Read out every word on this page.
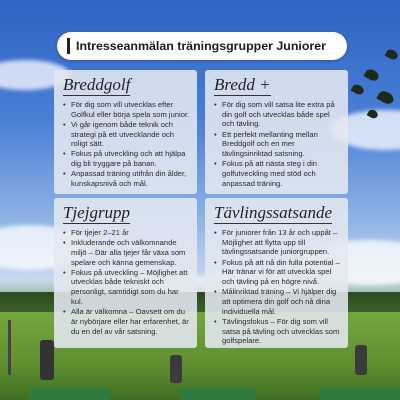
Intresseanmälan träningsgrupper Juniorer
Breddgolf
• För dig som vill utvecklas efter Golfkul eller börja spela som junior.
• Vi går igenom både teknik och strategi på ett utvecklande och roligt sätt.
• Fokus på utveckling och att hjälpa dig bli tryggare på banan.
• Anpassad träning utifrån din ålder, kunskapsnivå och mål.
Bredd +
• För dig som vill satsa lite extra på din golf och utvecklas både spel och tävling.
• Ett perfekt mellanting mellan Breddgolf och en mer tävlingsinriktad satsning.
• Fokus på att nästa steg i din golfutveckling med stöd och anpassad träning.
Tjejgrupp
• För tjejer 2–21 år
• Inkluderande och välkomnande miljö – Där alla tjejer får växa som spelare och känna gemenskap.
• Fokus på utveckling – Möjlighet att utvecklas både tekniskt och personligt, samtidigt som du har kul.
• Alla är välkomna – Oavsett om du är nybörjare eller har erfarenhet, är du en del av vår satsning.
Tävlingssatsande
• För juniorer från 13 år och uppåt – Möjlighet att flytta upp till tävlingssatsande juniorgruppen.
• Fokus på att nå din fulla potential – Här tränar vi för att utveckla spel och tävling på en högre nivå.
• Målinriktad träning – Vi hjälper dig att optimera din golf och nå dina individuella mål.
• Tävlingsfokus – För dig som vill satsa på tävling och utvecklas som golfspelare.
